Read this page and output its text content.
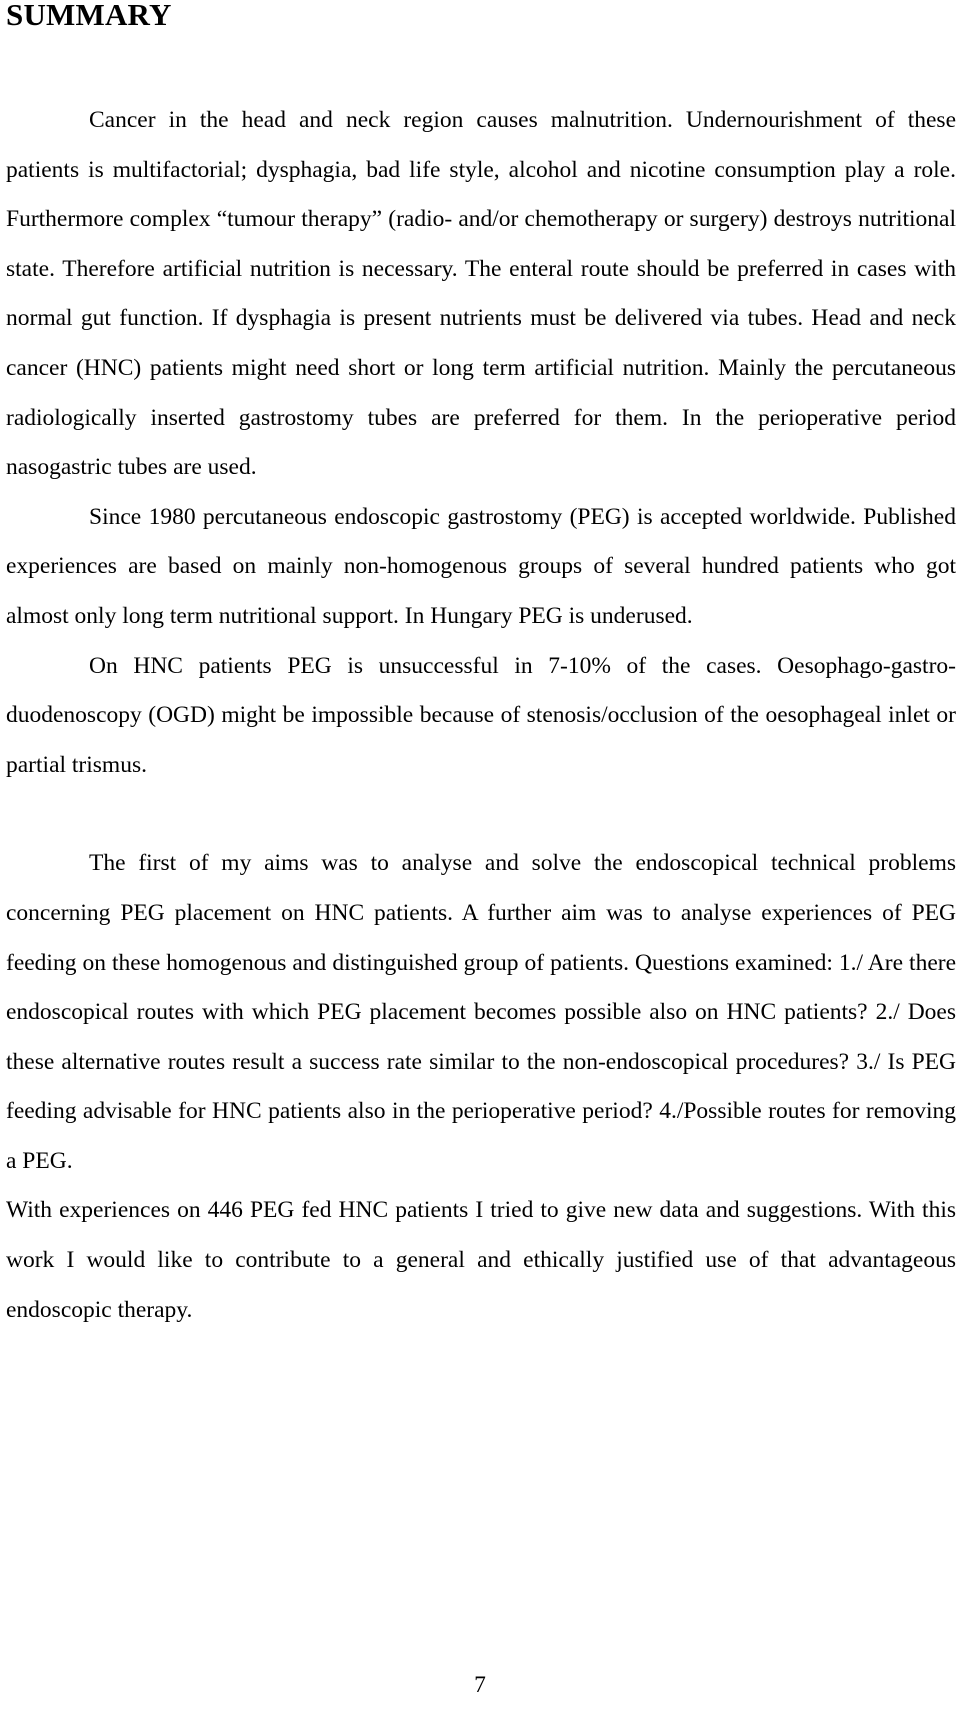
SUMMARY

Cancer in the head and neck region causes malnutrition. Undernourishment of these patients is multifactorial; dysphagia, bad life style, alcohol and nicotine consumption play a role. Furthermore complex “tumour therapy” (radio- and/or chemotherapy or surgery) destroys nutritional state. Therefore artificial nutrition is necessary. The enteral route should be preferred in cases with normal gut function. If dysphagia is present nutrients must be delivered via tubes. Head and neck cancer (HNC) patients might need short or long term artificial nutrition. Mainly the percutaneous radiologically inserted gastrostomy tubes are preferred for them. In the perioperative period nasogastric tubes are used.

Since 1980 percutaneous endoscopic gastrostomy (PEG) is accepted worldwide. Published experiences are based on mainly non-homogenous groups of several hundred patients who got almost only long term nutritional support. In Hungary PEG is underused.

On HNC patients PEG is unsuccessful in 7-10% of the cases. Oesophago-gastro-duodenoscopy (OGD) might be impossible because of stenosis/occlusion of the oesophageal inlet or partial trismus.

The first of my aims was to analyse and solve the endoscopical technical problems concerning PEG placement on HNC patients. A further aim was to analyse experiences of PEG feeding on these homogenous and distinguished group of patients. Questions examined: 1./ Are there endoscopical routes with which PEG placement becomes possible also on HNC patients? 2./ Does these alternative routes result a success rate similar to the non-endoscopical procedures? 3./ Is PEG feeding advisable for HNC patients also in the perioperative period? 4./Possible routes for removing a PEG.

With experiences on 446 PEG fed HNC patients I tried to give new data and suggestions. With this work I would like to contribute to a general and ethically justified use of that advantageous endoscopic therapy.

7
